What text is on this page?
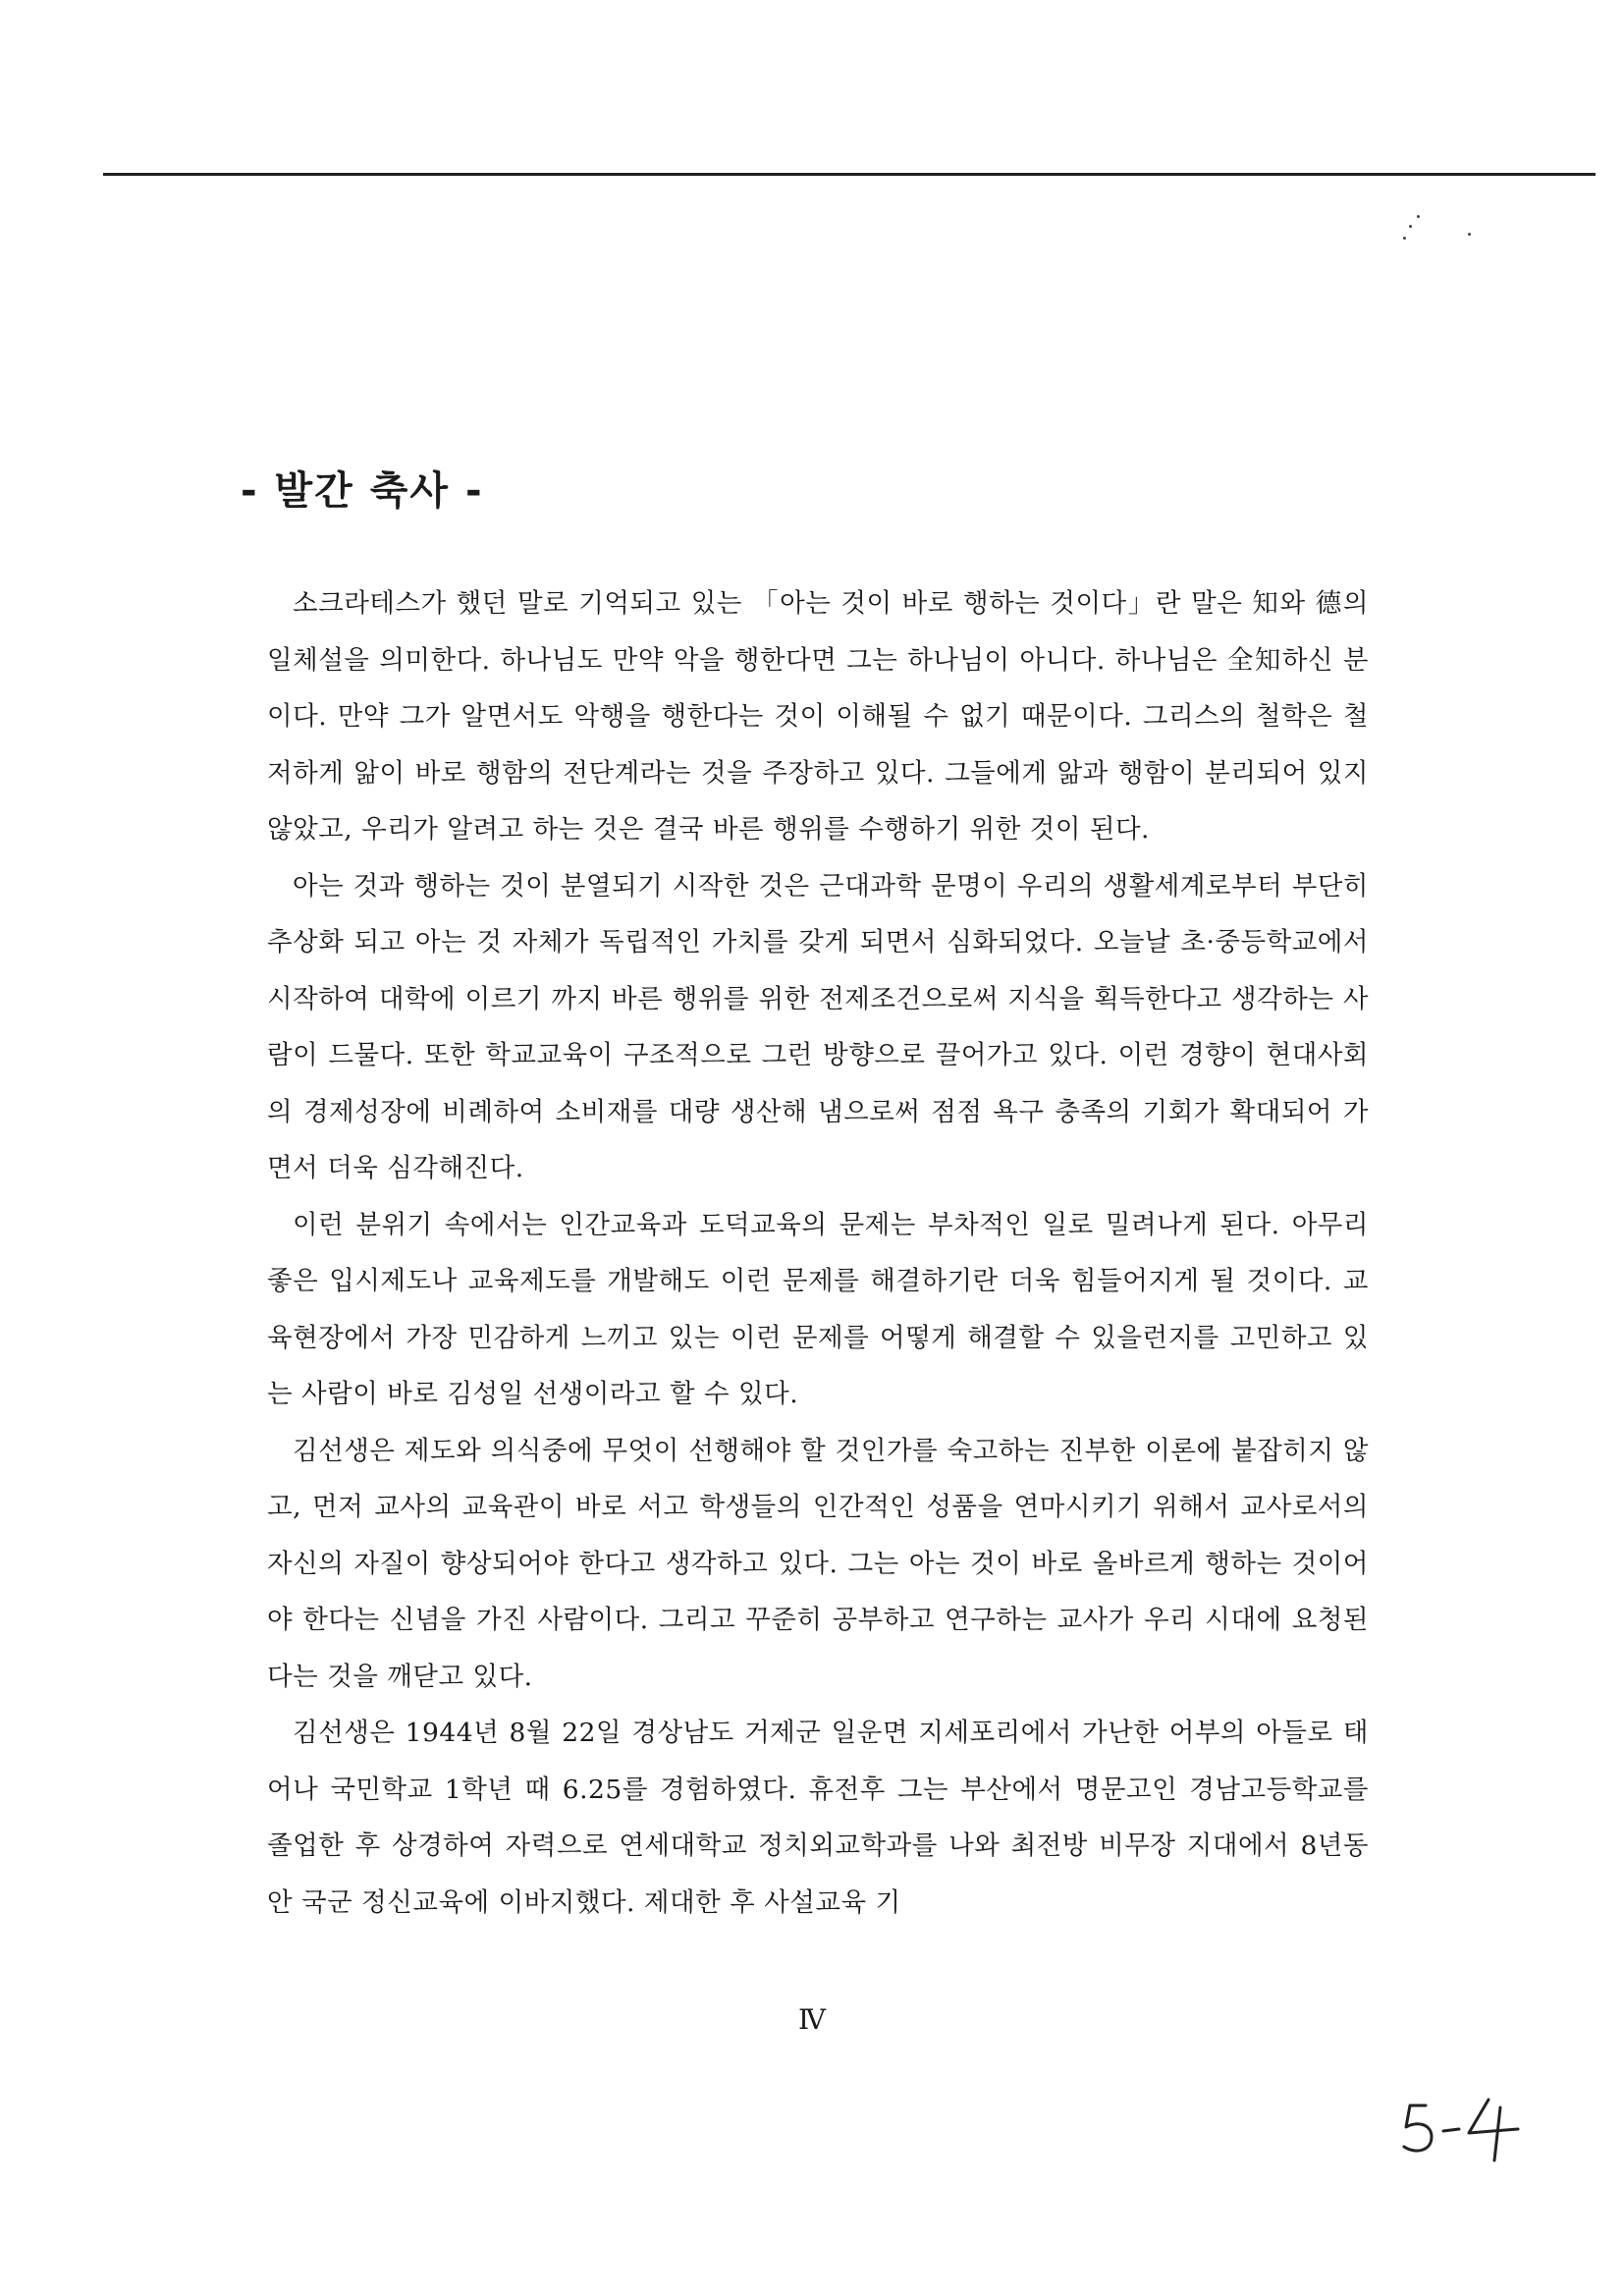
- 발간 축사 -

소크라테스가 했던 말로 기억되고 있는 「아는 것이 바로 행하는 것이다」란 말은 知와 德의 일체설을 의미한다. 하나님도 만약 악을 행한다면 그는 하나님이 아니다. 하나님은 全知하신 분이다. 만약 그가 알면서도 악행을 행한다는 것이 이해될 수 없기 때문이다. 그리스의 철학은 철저하게 앎이 바로 행함의 전단계라는 것을 주장하고 있다. 그들에게 앎과 행함이 분리되어 있지 않았고, 우리가 알려고 하는 것은 결국 바른 행위를 수행하기 위한 것이 된다.

아는 것과 행하는 것이 분열되기 시작한 것은 근대과학 문명이 우리의 생활세계로부터 부단히 추상화 되고 아는 것 자체가 독립적인 가치를 갖게 되면서 심화되었다. 오늘날 초·중등학교에서 시작하여 대학에 이르기 까지 바른 행위를 위한 전제조건으로써 지식을 획득한다고 생각하는 사람이 드물다. 또한 학교교육이 구조적으로 그런 방향으로 끌어가고 있다. 이런 경향이 현대사회의 경제성장에 비례하여 소비재를 대량 생산해 냄으로써 점점 욕구 충족의 기회가 확대되어 가면서 더욱 심각해진다.

이런 분위기 속에서는 인간교육과 도덕교육의 문제는 부차적인 일로 밀려나게 된다. 아무리 좋은 입시제도나 교육제도를 개발해도 이런 문제를 해결하기란 더욱 힘들어지게 될 것이다. 교육현장에서 가장 민감하게 느끼고 있는 이런 문제를 어떻게 해결할 수 있을런지를 고민하고 있는 사람이 바로 김성일 선생이라고 할 수 있다.

김선생은 제도와 의식중에 무엇이 선행해야 할 것인가를 숙고하는 진부한 이론에 붙잡히지 않고, 먼저 교사의 교육관이 바로 서고 학생들의 인간적인 성품을 연마시키기 위해서 교사로서의 자신의 자질이 향상되어야 한다고 생각하고 있다. 그는 아는 것이 바로 올바르게 행하는 것이어야 한다는 신념을 가진 사람이다. 그리고 꾸준히 공부하고 연구하는 교사가 우리 시대에 요청된다는 것을 깨닫고 있다.

김선생은 1944년 8월 22일 경상남도 거제군 일운면 지세포리에서 가난한 어부의 아들로 태어나 국민학교 1학년 때 6.25를 경험하였다. 휴전후 그는 부산에서 명문고인 경남고등학교를 졸업한 후 상경하여 자력으로 연세대학교 정치외교학과를 나와 최전방 비무장 지대에서 8년동안 국군 정신교육에 이바지했다. 제대한 후 사설교육 기

Ⅳ
